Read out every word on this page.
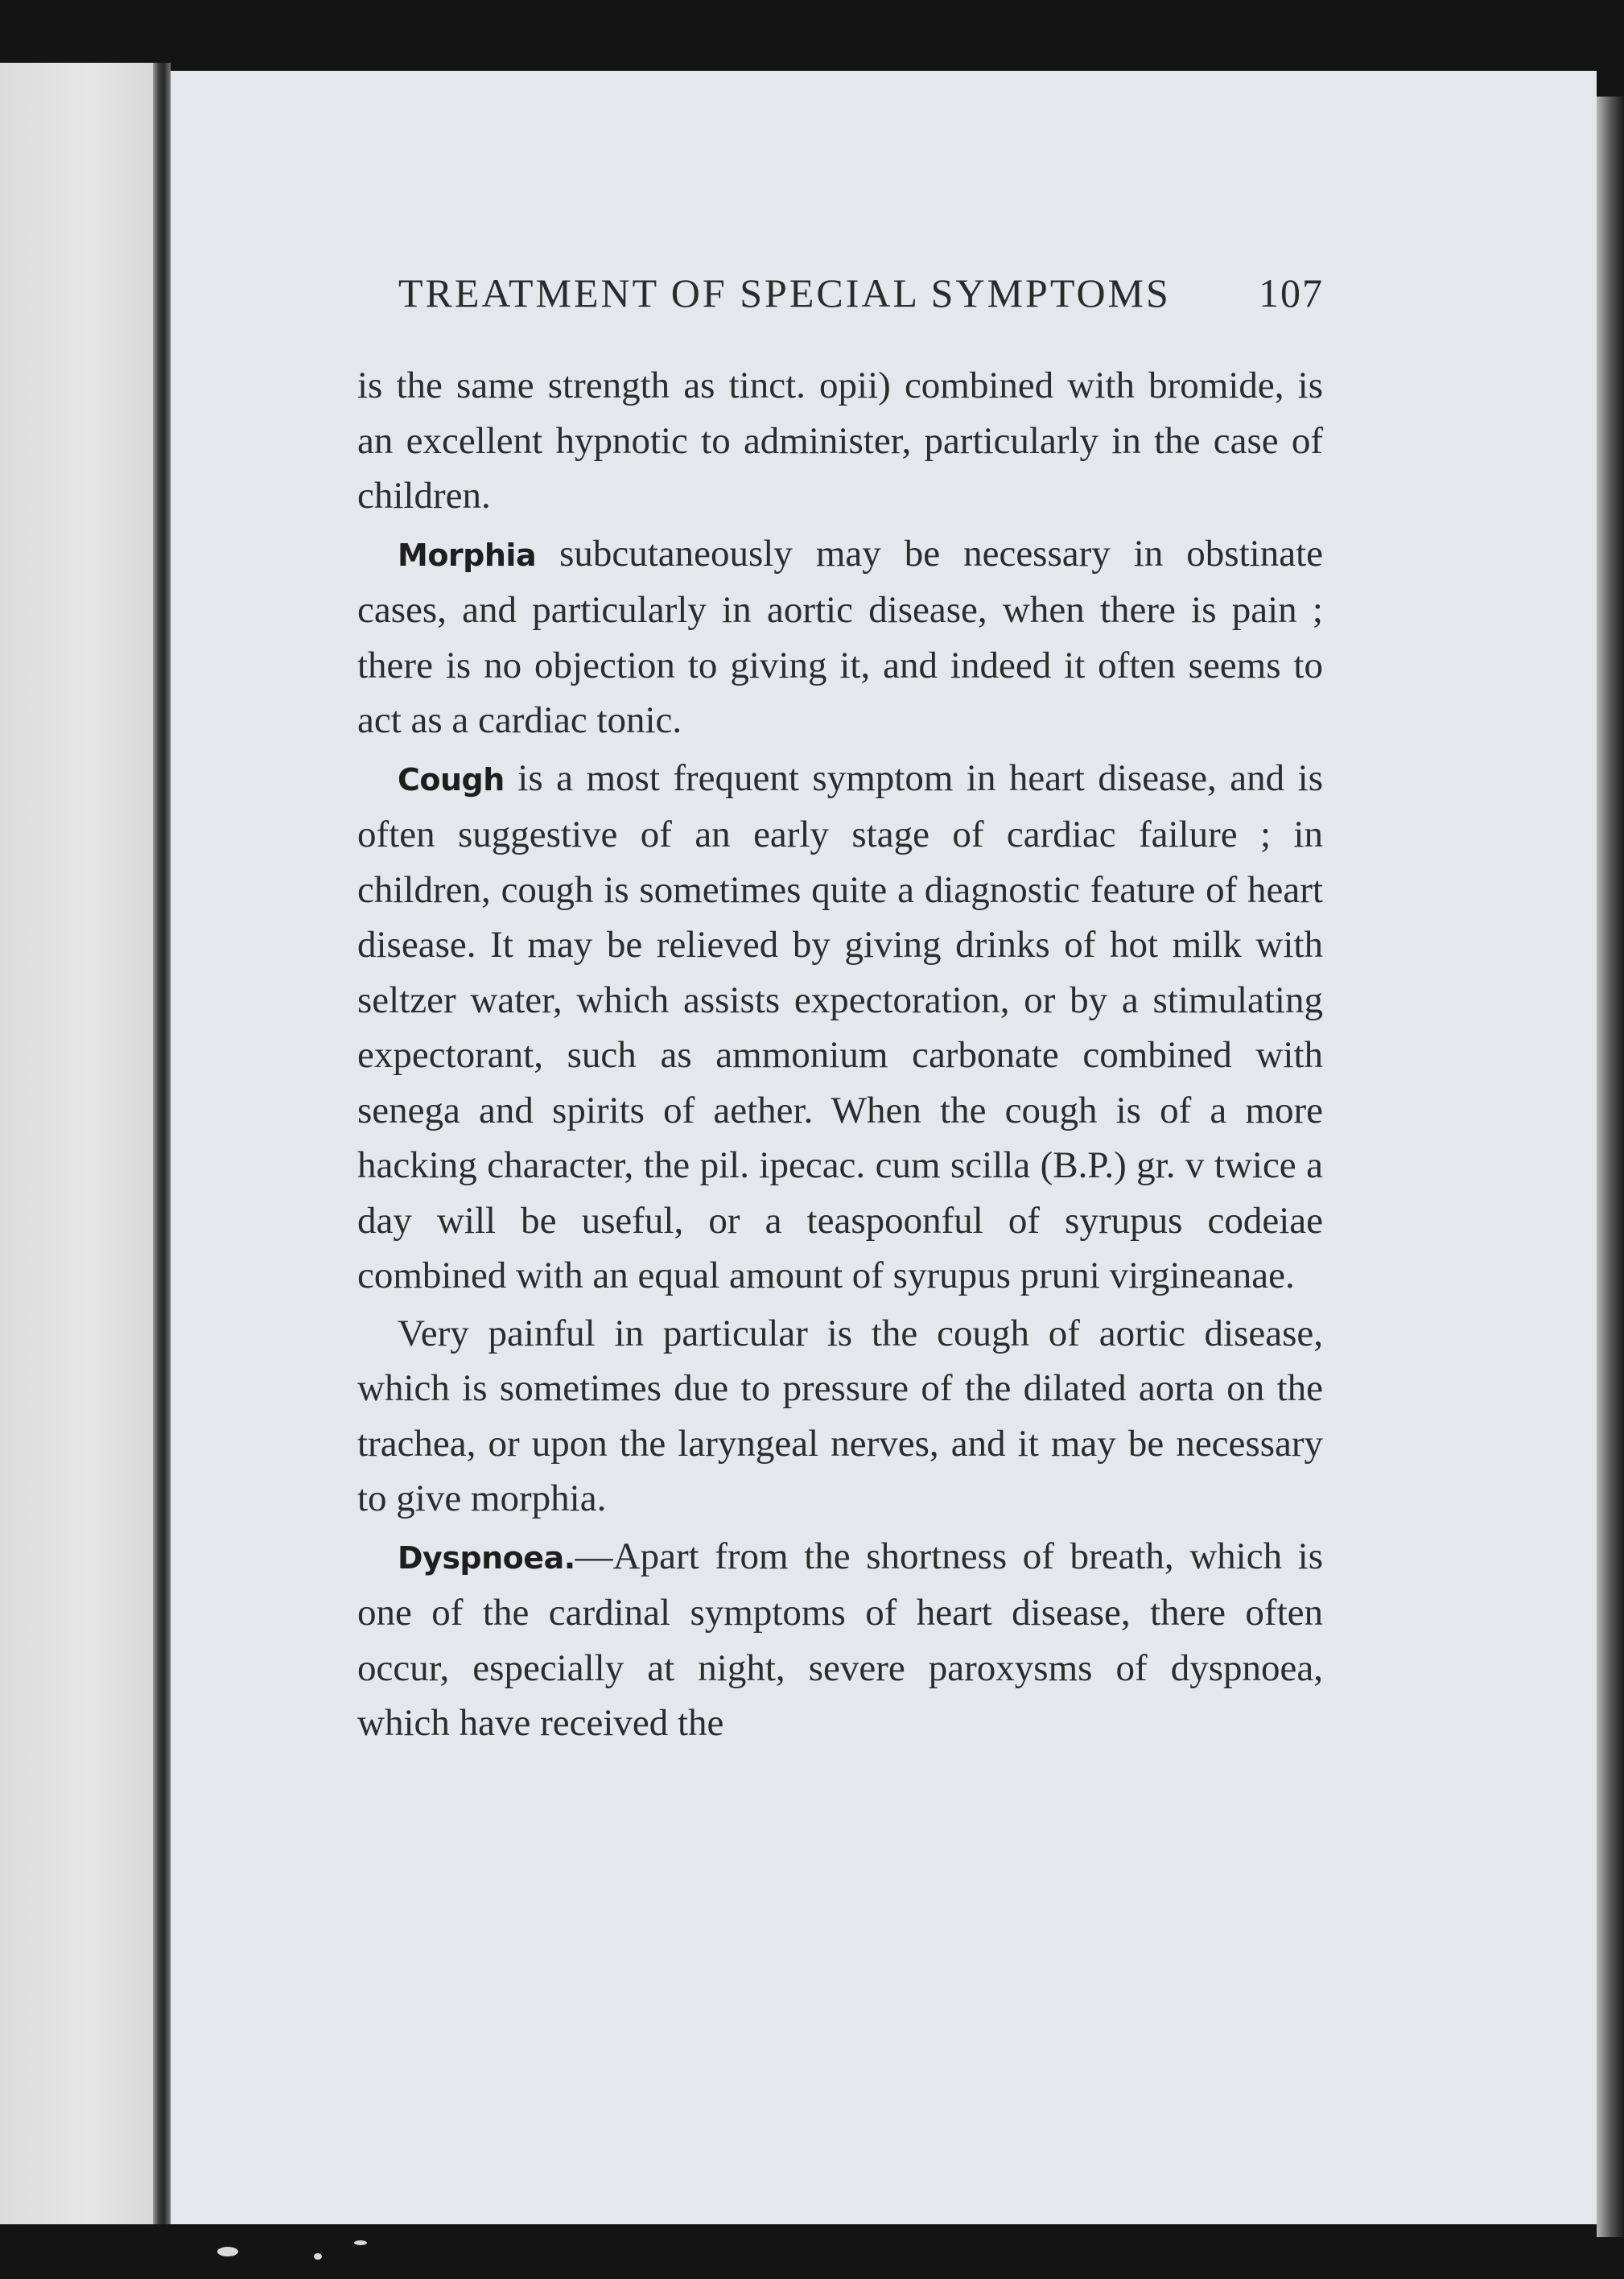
TREATMENT OF SPECIAL SYMPTOMS 107

is the same strength as tinct. opii) combined with bromide, is an excellent hypnotic to administer, particularly in the case of children.

Morphia subcutaneously may be necessary in obstinate cases, and particularly in aortic disease, when there is pain ; there is no objection to giving it, and indeed it often seems to act as a cardiac tonic.

Cough is a most frequent symptom in heart disease, and is often suggestive of an early stage of cardiac failure ; in children, cough is sometimes quite a diagnostic feature of heart disease. It may be relieved by giving drinks of hot milk with seltzer water, which assists expectoration, or by a stimulating expectorant, such as ammonium carbonate combined with senega and spirits of aether. When the cough is of a more hacking character, the pil. ipecac. cum scilla (B.P.) gr. v twice a day will be useful, or a teaspoonful of syrupus codeiae combined with an equal amount of syrupus pruni virgineanae.

Very painful in particular is the cough of aortic disease, which is sometimes due to pressure of the dilated aorta on the trachea, or upon the laryngeal nerves, and it may be necessary to give morphia.

Dyspnoea.—Apart from the shortness of breath, which is one of the cardinal symptoms of heart disease, there often occur, especially at night, severe paroxysms of dyspnoea, which have received the
